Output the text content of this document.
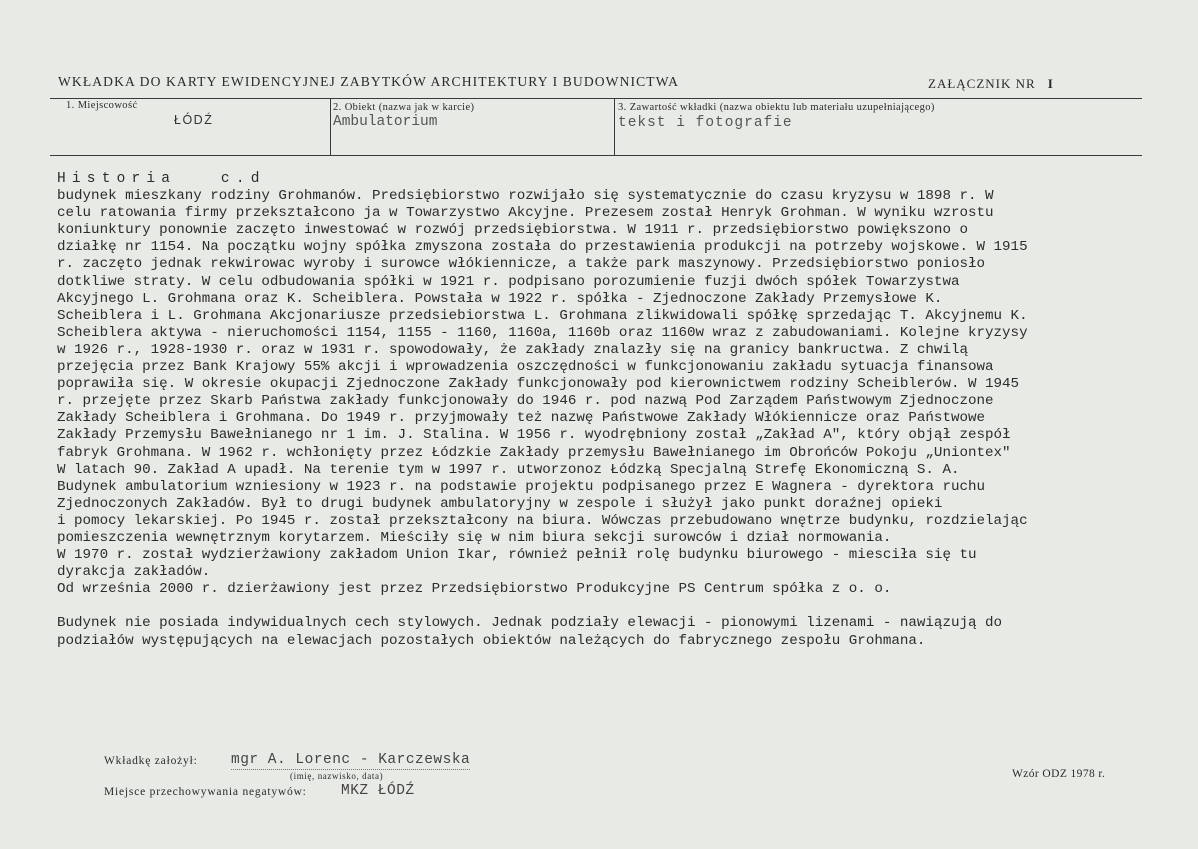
WKŁADKA DO KARTY EWIDENCYJNEJ ZABYTKÓW ARCHITEKTURY I BUDOWNICTWA	ZAŁĄCZNIK NR I
1. Miejscowość
ŁÓDŹ
2. Obiekt (nazwa jak w karcie)
Ambulatorium
3. Zawartość wkładki (nazwa obiektu lub materiału uzupełniającego)
tekst i fotografie
Historia   c.d

budynek mieszkany rodziny Grohmanów. Predsiębiorstwo rozwijało się systematycznie do czasu kryzysu w 1898 r. W

celu ratowania firmy przekształcono ja w Towarzystwo Akcyjne. Prezesem został Henryk Grohman. W wyniku wzrostu

koniunktury ponownie zaczęto inwestować w rozwój przedsiębiorstwa. W 1911 r. przedsiębiorstwo powiększono o

działkę nr 1154. Na początku wojny spółka zmyszona została do przestawienia produkcji na potrzeby wojskowe. W 1915

r. zaczęto jednak rekwirowac wyroby i surowce włókiennicze, a także park maszynowy. Przedsiębiorstwo poniosło

dotkliwe straty. W celu odbudowania spółki w 1921 r. podpisano porozumienie fuzji dwóch spółek Towarzystwa

Akcyjnego L. Grohmana oraz K. Scheiblera. Powstała w 1922 r. spółka - Zjednoczone Zakłady Przemysłowe K.

Scheiblera i L. Grohmana Akcjonariusze przedsiebiorstwa L. Grohmana zlikwidowali spółkę sprzedając T. Akcyjnemu K.

Scheiblera aktywa - nieruchomości 1154, 1155 - 1160, 1160a, 1160b oraz 1160w wraz z zabudowaniami. Kolejne kryzysy

w 1926 r., 1928-1930 r. oraz w 1931 r. spowodowały, że zakłady znalazły się na granicy bankructwa. Z chwilą

przejęcia przez Bank Krajowy 55% akcji i wprowadzenia oszczędności w funkcjonowaniu zakładu sytuacja finansowa

poprawiła się. W okresie okupacji Zjednoczone Zakłady funkcjonowały pod kierownictwem rodziny Scheiblerów. W 1945

r. przejęte przez Skarb Państwa zakłady funkcjonowały do 1946 r. pod nazwą Pod Zarządem Państwowym Zjednoczone

Zakłady Scheiblera i Grohmana. Do 1949 r. przyjmowały też nazwę Państwowe Zakłady Włókiennicze oraz Państwowe

Zakłady Przemysłu Bawełnianego nr 1 im. J. Stalina. W 1956 r. wyodrębniony został „Zakład A", który objął zespół

fabryk Grohmana. W 1962 r. wchłonięty przez Łódzkie Zakłady przemysłu Bawełnianego im Obrońców Pokoju „Uniontex"

W latach 90. Zakład A upadł. Na terenie tym w 1997 r. utworzonoz Łódzką Specjalną Strefę Ekonomiczną S. A.

Budynek ambulatorium wzniesiony w 1923 r. na podstawie projektu podpisanego przez E Wagnera - dyrektora ruchu

Zjednoczonych Zakładów. Był to drugi budynek ambulatoryjny w zespole i służył jako punkt doraźnej opieki

i pomocy lekarskiej. Po 1945 r. został przekształcony na biura. Wówczas przebudowano wnętrze budynku, rozdzielając

pomieszczenia wewnętrznym korytarzem. Mieściły się w nim biura sekcji surowców i dział normowania.

W 1970 r. został wydzierżawiony zakładom Union Ikar, również pełnił rolę budynku biurowego - miesciła się tu

dyrakcja zakładów.

Od września 2000 r. dzierżawiony jest przez Przedsiębiorstwo Produkcyjne PS Centrum spółka z o. o.

Budynek nie posiada indywidualnych cech stylowych. Jednak podziały elewacji - pionowymi lizenami - nawiązują do

podziałów występujących na elewacjach pozostałych obiektów należących do fabrycznego zespołu Grohmana.

Wkładkę założył: mgr A. Lorenc - Karczewska
(imię, nazwisko, data)
Miejsce przechowywania negatywów: MKZ ŁÓDŹ
Wzór ODZ 1978 r.
